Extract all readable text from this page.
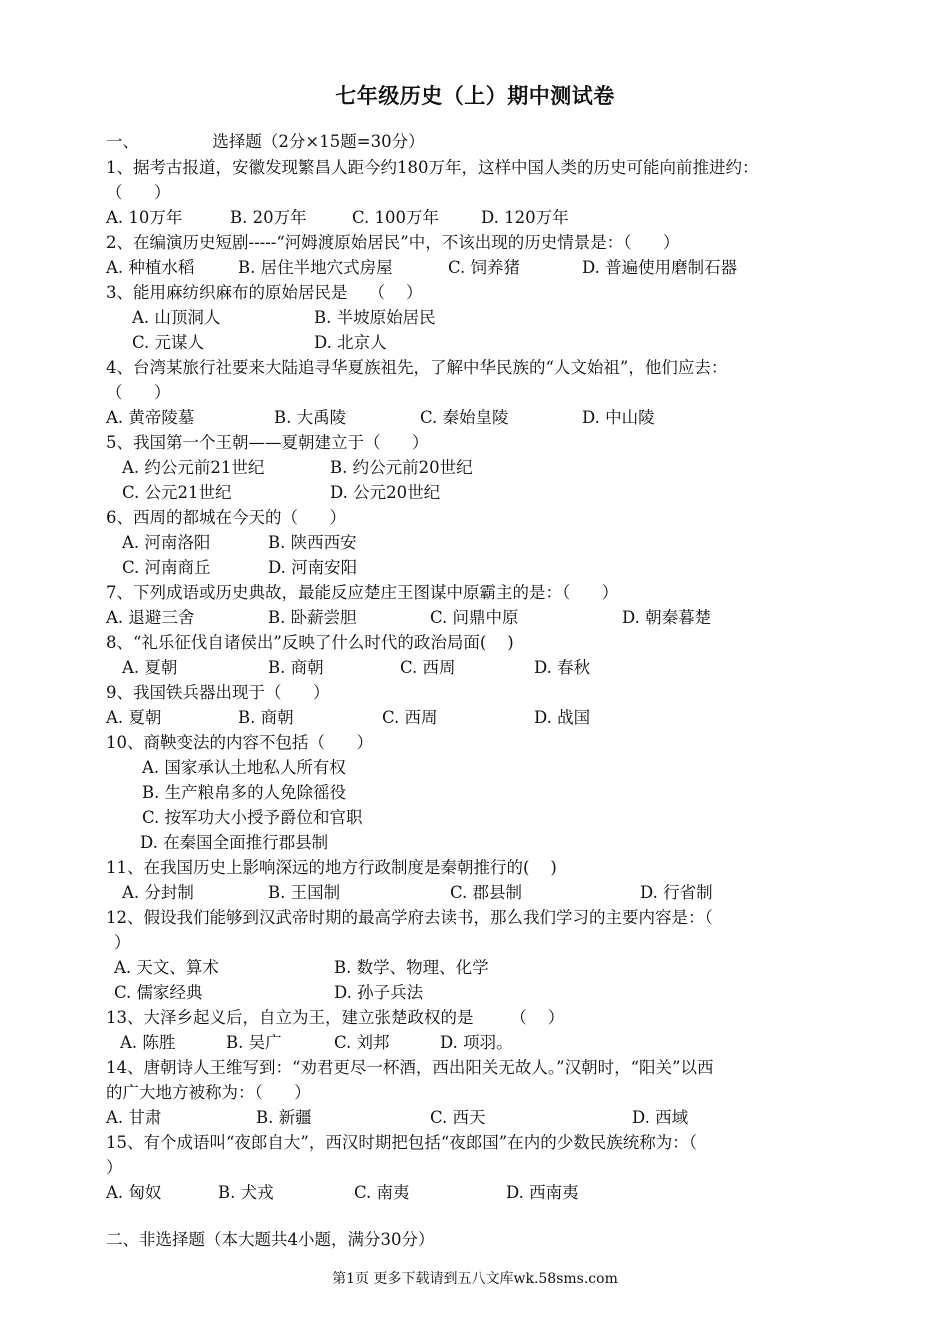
七年级历史（上）期中测试卷
一、              选择题（2分×15题=30分）
1、据考古报道，安徽发现繁昌人距今约180万年，这样中国人类的历史可能向前推进约：
（      ）
A. 10万年	B. 20万年	C. 100万年	D. 120万年
2、在编演历史短剧-----“河姆渡原始居民”中，不该出现的历史情景是：（      ）
A. 种植水稻	B. 居住半地穴式房屋	C. 饲养猪	D. 普遍使用磨制石器
3、能用麻纺织麻布的原始居民是    （    ）
A. 山顶洞人	B. 半坡原始居民
C. 元谋人	D. 北京人
4、台湾某旅行社要来大陆追寻华夏族祖先，了解中华民族的“人文始祖”，他们应去：
（      ）
A. 黄帝陵墓	B. 大禹陵	C. 秦始皇陵	D. 中山陵
5、我国第一个王朝——夏朝建立于（      ）
A. 约公元前21世纪	B. 约公元前20世纪
C. 公元21世纪	D. 公元20世纪
6、西周的都城在今天的（      ）
A. 河南洛阳	B. 陕西西安
C. 河南商丘	D. 河南安阳
7、下列成语或历史典故，最能反应楚庄王图谋中原霸主的是：（      ）
A. 退避三舍	B. 卧薪尝胆	C. 问鼎中原	D. 朝秦暮楚
8、“礼乐征伐自诸侯出”反映了什么时代的政治局面(    )
A. 夏朝	B. 商朝	C. 西周	D. 春秋
9、我国铁兵器出现于（      ）
A. 夏朝	B. 商朝	C. 西周	D. 战国
10、商鞅变法的内容不包括（      ）
A. 国家承认土地私人所有权
B. 生产粮帛多的人免除徭役
C. 按军功大小授予爵位和官职
D. 在秦国全面推行郡县制
11、在我国历史上影响深远的地方行政制度是秦朝推行的(    )
A. 分封制	B. 王国制	C. 郡县制	D. 行省制
12、假设我们能够到汉武帝时期的最高学府去读书，那么我们学习的主要内容是：（
）
A. 天文、算术	B. 数学、物理、化学
C. 儒家经典	D. 孙子兵法
13、大泽乡起义后，自立为王，建立张楚政权的是       （    ）
A. 陈胜	B. 吴广	C. 刘邦	D. 项羽。
14、唐朝诗人王维写到：“劝君更尽一杯酒，西出阳关无故人。”汉朝时，“阳关”以西
的广大地方被称为：（      ）
A. 甘肃	B. 新疆	C. 西天	D. 西域
15、有个成语叫“夜郎自大”，西汉时期把包括“夜郎国”在内的少数民族统称为：（
）
A. 匈奴	B. 犬戎	C. 南夷	D. 西南夷
二、非选择题（本大题共4小题，满分30分）
第1页 更多下载请到五八文库wk.58sms.com
